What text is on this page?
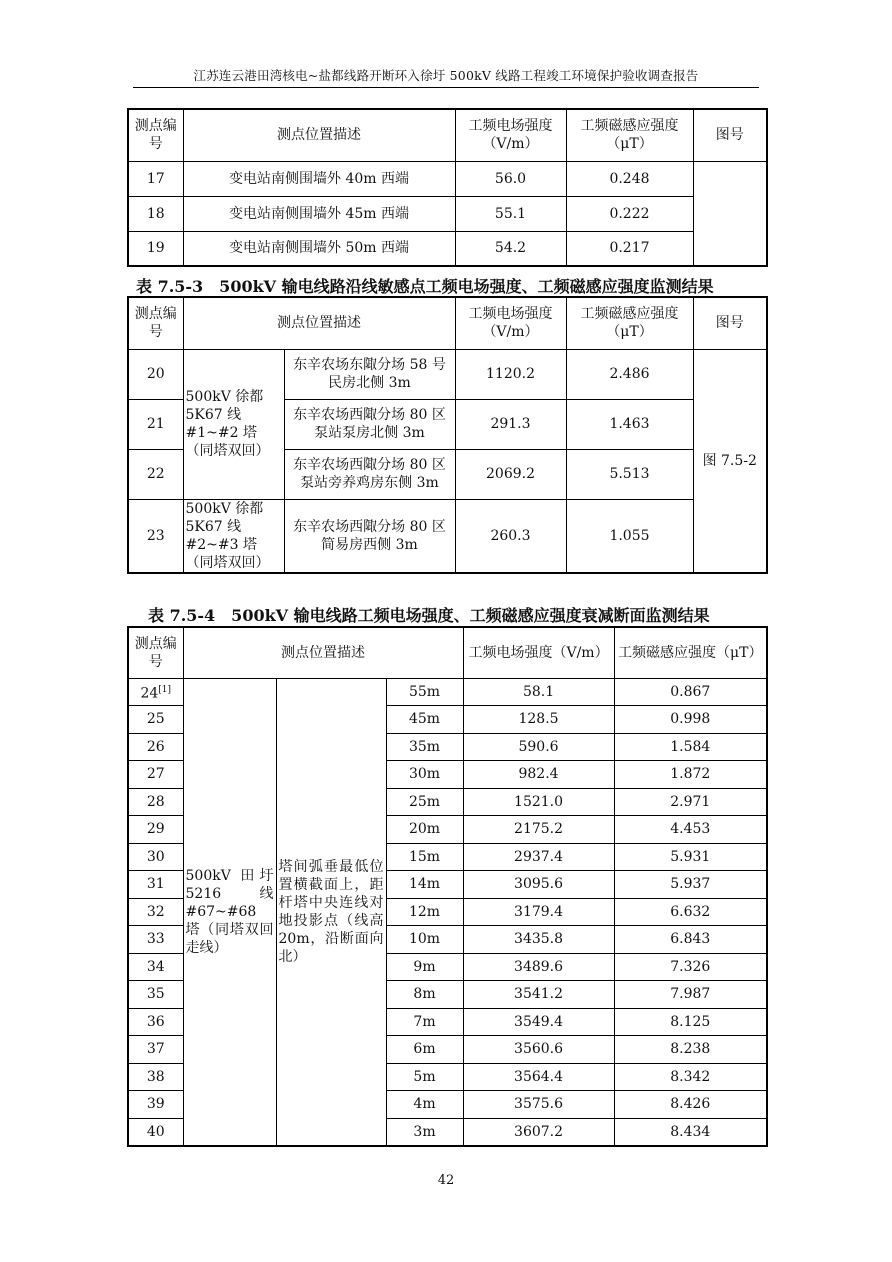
江苏连云港田湾核电~盐都线路开断环入徐圩 500kV 线路工程竣工环境保护验收调查报告
测点编号	测点位置描述	工频电场强度（V/m）	工频磁感应强度（μT）	图号
17	变电站南侧围墙外 40m 西端	56.0	0.248	
18	变电站南侧围墙外 45m 西端	55.1	0.222	
19	变电站南侧围墙外 50m 西端	54.2	0.217	
表 7.5-3　500kV 输电线路沿线敏感点工频电场强度、工频磁感应强度监测结果
测点编号	测点位置描述		工频电场强度（V/m）	工频磁感应强度（μT）	图号
20	500kV 徐都 5K67 线#1~#2 塔（同塔双回）	东辛农场东陬分场 58 号民房北侧 3m	1120.2	2.486	图 7.5-2
21		东辛农场西陬分场 80 区泵站泵房北侧 3m	291.3	1.463	
22		东辛农场西陬分场 80 区泵站旁养鸡房东侧 3m	2069.2	5.513	
23	500kV 徐都 5K67 线#2~#3 塔（同塔双回）	东辛农场西陬分场 80 区简易房西侧 3m	260.3	1.055	
表 7.5-4　500kV 输电线路工频电场强度、工频磁感应强度衰减断面监测结果
测点编号	测点位置描述			工频电场强度（V/m）	工频磁感应强度（μT）
24[1]	500kV 田圩 5216 线 #67~#68 塔（同塔双回走线）	塔间弧垂最低位置横截面上，距杆塔中央连线对地投影点（线高 20m，沿断面向北）	55m	58.1	0.867
25			45m	128.5	0.998
26			35m	590.6	1.584
27			30m	982.4	1.872
28			25m	1521.0	2.971
29			20m	2175.2	4.453
30			15m	2937.4	5.931
31			14m	3095.6	5.937
32			12m	3179.4	6.632
33			10m	3435.8	6.843
34			9m	3489.6	7.326
35			8m	3541.2	7.987
36			7m	3549.4	8.125
37			6m	3560.6	8.238
38			5m	3564.4	8.342
39			4m	3575.6	8.426
40			3m	3607.2	8.434
42
